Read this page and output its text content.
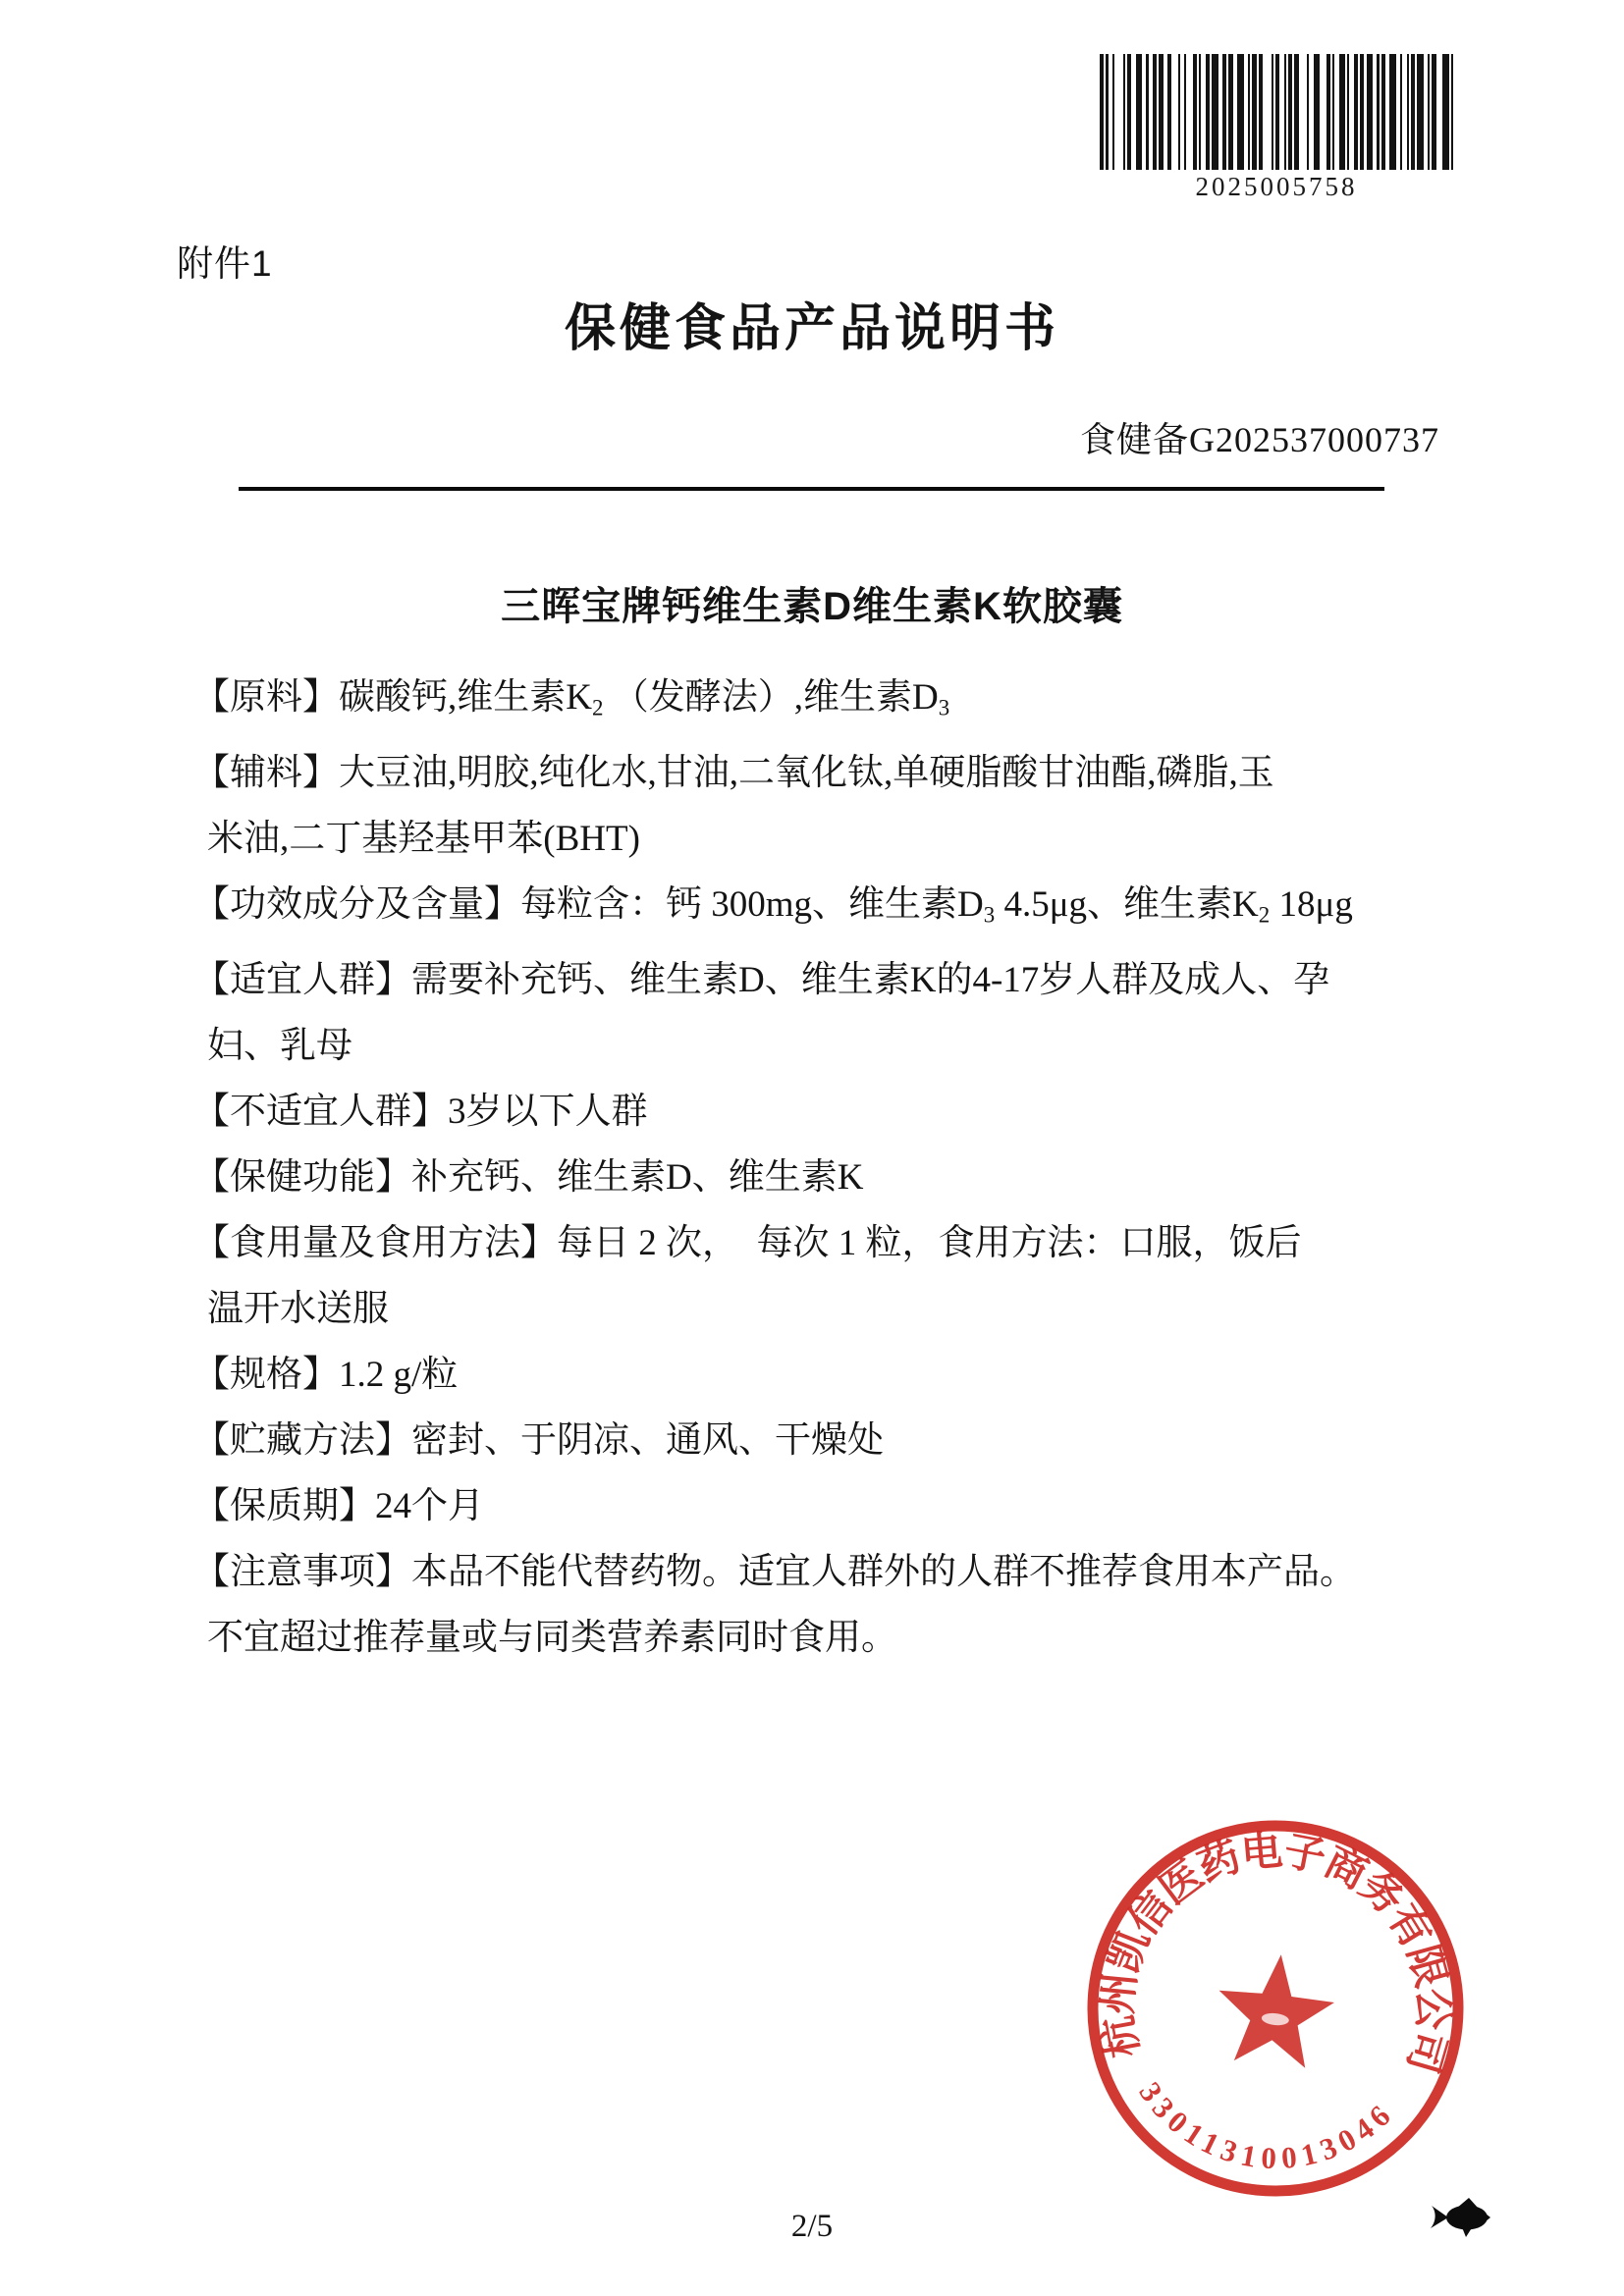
2025005758
附件1
保健食品产品说明书
食健备G202537000737
三晖宝牌钙维生素D维生素K软胶囊

【原料】碳酸钙,维生素$K_2$ （发酵法）,维生素$D_3$

【辅料】大豆油,明胶,纯化水,甘油,二氧化钛,单硬脂酸甘油酯,磷脂,玉
米油,二丁基羟基甲苯(BHT)

【功效成分及含量】每粒含：钙 300mg、维生素$D_3$ 4.5μg、维生素$K_2$ 18μg

【适宜人群】需要补充钙、维生素D、维生素K的4-17岁人群及成人、孕
妇、乳母

【不适宜人群】3岁以下人群

【保健功能】补充钙、维生素D、维生素K

【食用量及食用方法】每日 2 次，  每次 1 粒，食用方法：口服，饭后
温开水送服

【规格】1.2 g/粒

【贮藏方法】密封、于阴凉、通风、干燥处

【保质期】24个月

【注意事项】本品不能代替药物。适宜人群外的人群不推荐食用本产品。
不宜超过推荐量或与同类营养素同时食用。

杭州凯信医药电子商务有限公司
33011310013046
2/5
